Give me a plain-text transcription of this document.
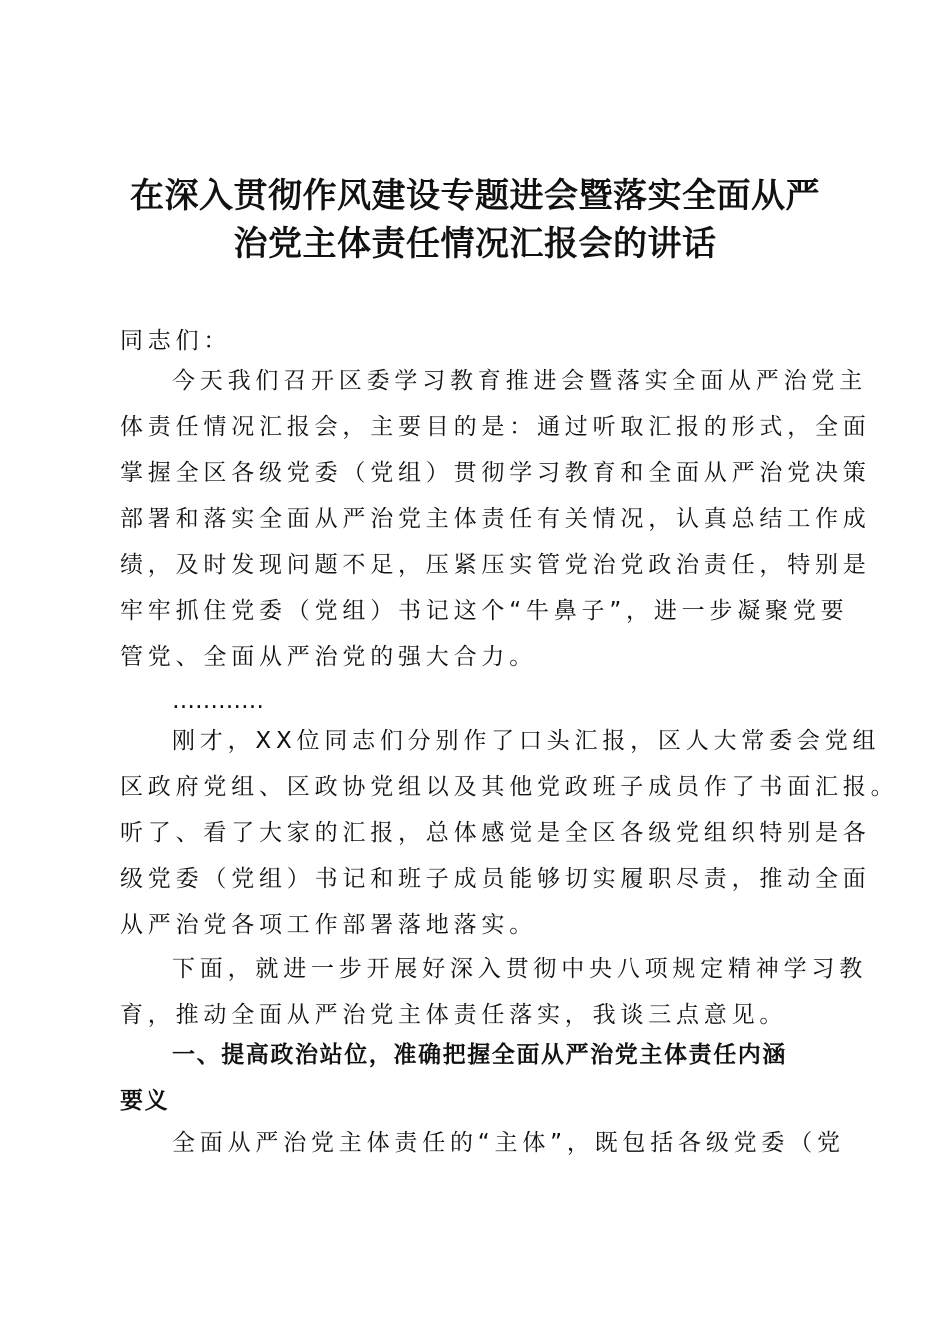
在深入贯彻作风建设专题进会暨落实全面从严
治党主体责任情况汇报会的讲话
同志们：
今天我们召开区委学习教育推进会暨落实全面从严治党主
体责任情况汇报会，主要目的是：通过听取汇报的形式，全面
掌握全区各级党委（党组）贯彻学习教育和全面从严治党决策
部署和落实全面从严治党主体责任有关情况，认真总结工作成
绩，及时发现问题不足，压紧压实管党治党政治责任，特别是
牢牢抓住党委（党组）书记这个“牛鼻子”，进一步凝聚党要
管党、全面从严治党的强大合力。
…………
刚才，XX位同志们分别作了口头汇报，区人大常委会党组
区政府党组、区政协党组以及其他党政班子成员作了书面汇报。
听了、看了大家的汇报，总体感觉是全区各级党组织特别是各
级党委（党组）书记和班子成员能够切实履职尽责，推动全面
从严治党各项工作部署落地落实。
下面，就进一步开展好深入贯彻中央八项规定精神学习教
育，推动全面从严治党主体责任落实，我谈三点意见。
一、提高政治站位，准确把握全面从严治党主体责任内涵
要义
全面从严治党主体责任的“主体”，既包括各级党委（党
